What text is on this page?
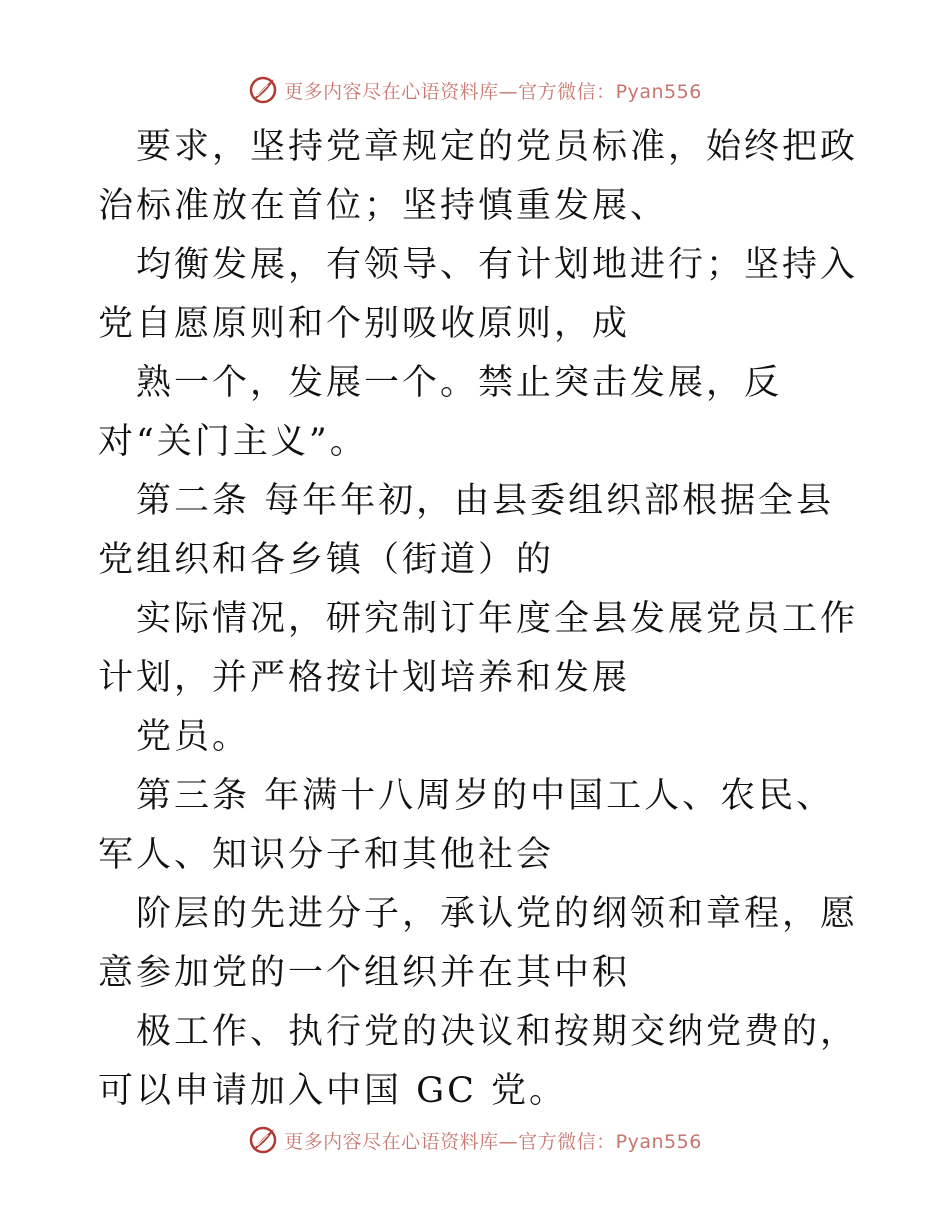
更多内容尽在心语资料库—官方微信：Pyan556

要求，坚持党章规定的党员标准，始终把政治标准放在首位；坚持慎重发展、

均衡发展，有领导、有计划地进行；坚持入党自愿原则和个别吸收原则，成

熟一个，发展一个。禁止突击发展，反对“关门主义”。

第二条 每年年初，由县委组织部根据全县党组织和各乡镇（街道）的

实际情况，研究制订年度全县发展党员工作计划，并严格按计划培养和发展

党员。

第三条 年满十八周岁的中国工人、农民、军人、知识分子和其他社会

阶层的先进分子，承认党的纲领和章程，愿意参加党的一个组织并在其中积

极工作、执行党的决议和按期交纳党费的，可以申请加入中国 GC 党。

更多内容尽在心语资料库—官方微信：Pyan556
